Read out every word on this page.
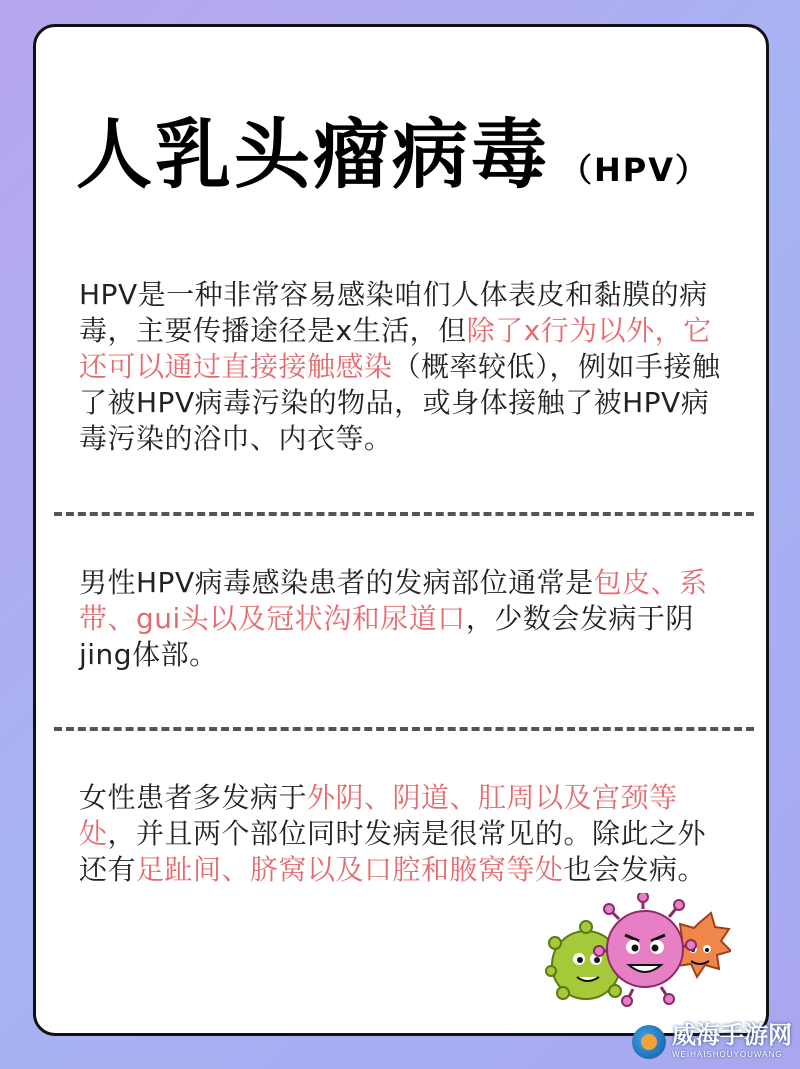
人乳头瘤病毒 （HPV）
HPV是一种非常容易感染咱们人体表皮和黏膜的病毒，主要传播途径是x生活，但除了x行为以外，它还可以通过直接接触感染（概率较低），例如手接触了被HPV病毒污染的物品，或身体接触了被HPV病毒污染的浴巾、内衣等。
男性HPV病毒感染患者的发病部位通常是包皮、系带、gui头以及冠状沟和尿道口，少数会发病于阴jing体部。
女性患者多发病于外阴、阴道、肛周以及宫颈等处，并且两个部位同时发病是很常见的。除此之外还有足趾间、脐窝以及口腔和腋窝等处也会发病。
威海手游网
WEIHAISHOUYOUWANG
